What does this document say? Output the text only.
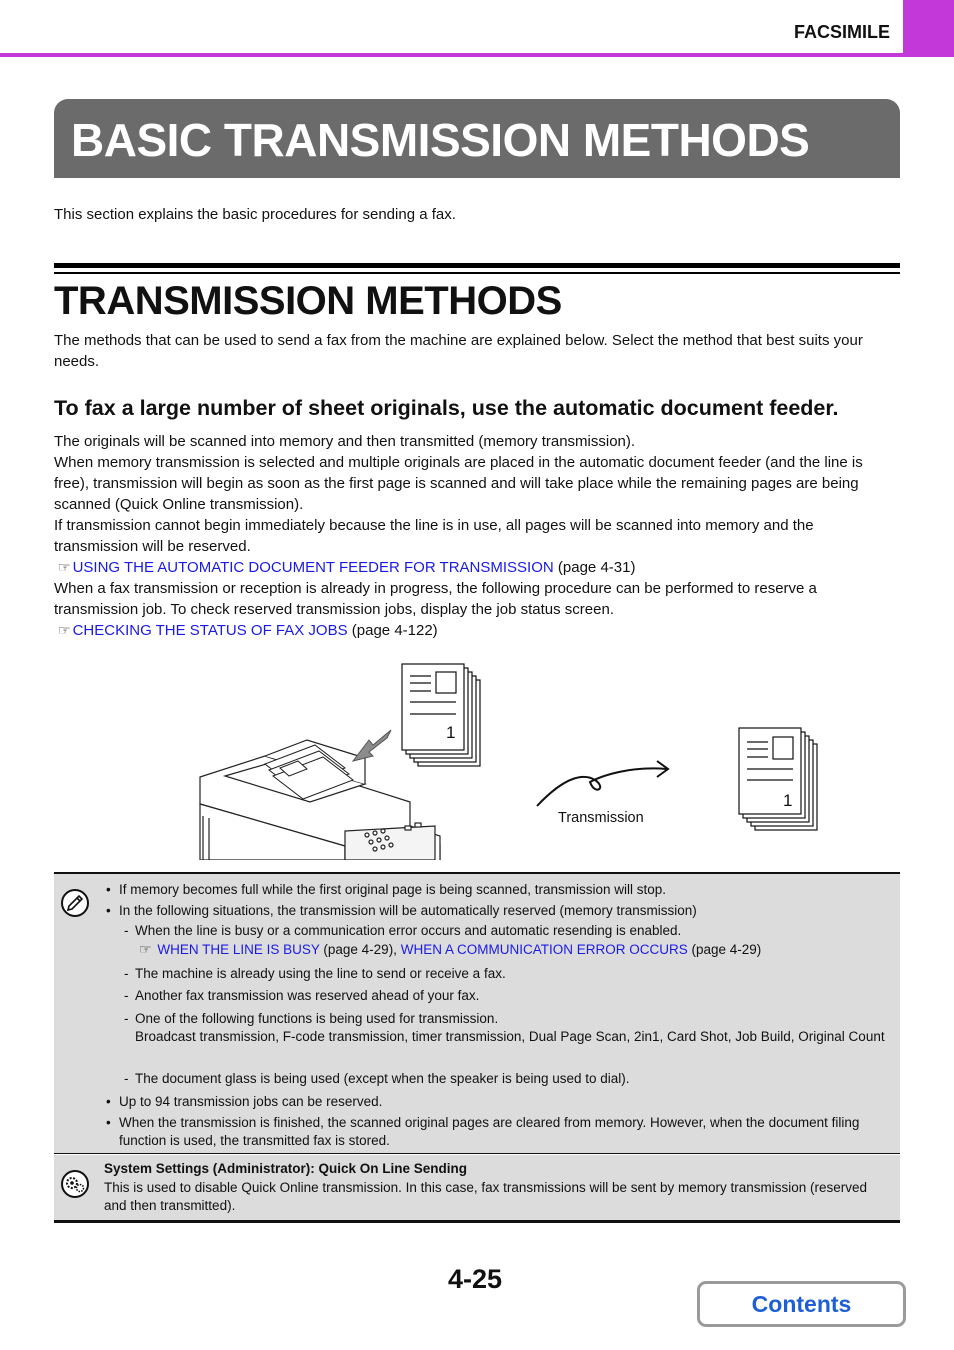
FACSIMILE
BASIC TRANSMISSION METHODS
This section explains the basic procedures for sending a fax.
TRANSMISSION METHODS
The methods that can be used to send a fax from the machine are explained below. Select the method that best suits your needs.
To fax a large number of sheet originals, use the automatic document feeder.
The originals will be scanned into memory and then transmitted (memory transmission).
When memory transmission is selected and multiple originals are placed in the automatic document feeder (and the line is free), transmission will begin as soon as the first page is scanned and will take place while the remaining pages are being scanned (Quick Online transmission).
If transmission cannot begin immediately because the line is in use, all pages will be scanned into memory and the transmission will be reserved.
☞ USING THE AUTOMATIC DOCUMENT FEEDER FOR TRANSMISSION (page 4-31)
When a fax transmission or reception is already in progress, the following procedure can be performed to reserve a transmission job. To check reserved transmission jobs, display the job status screen.
☞ CHECKING THE STATUS OF FAX JOBS (page 4-122)
1
Transmission
1
• If memory becomes full while the first original page is being scanned, transmission will stop.
• In the following situations, the transmission will be automatically reserved (memory transmission)
- When the line is busy or a communication error occurs and automatic resending is enabled.
☞ WHEN THE LINE IS BUSY (page 4-29), WHEN A COMMUNICATION ERROR OCCURS (page 4-29)
- The machine is already using the line to send or receive a fax.
- Another fax transmission was reserved ahead of your fax.
- One of the following functions is being used for transmission.
Broadcast transmission, F-code transmission, timer transmission, Dual Page Scan, 2in1, Card Shot, Job Build, Original Count
- The document glass is being used (except when the speaker is being used to dial).
• Up to 94 transmission jobs can be reserved.
• When the transmission is finished, the scanned original pages are cleared from memory. However, when the document filing function is used, the transmitted fax is stored.
System Settings (Administrator): Quick On Line Sending
This is used to disable Quick Online transmission. In this case, fax transmissions will be sent by memory transmission (reserved and then transmitted).
4-25
Contents
